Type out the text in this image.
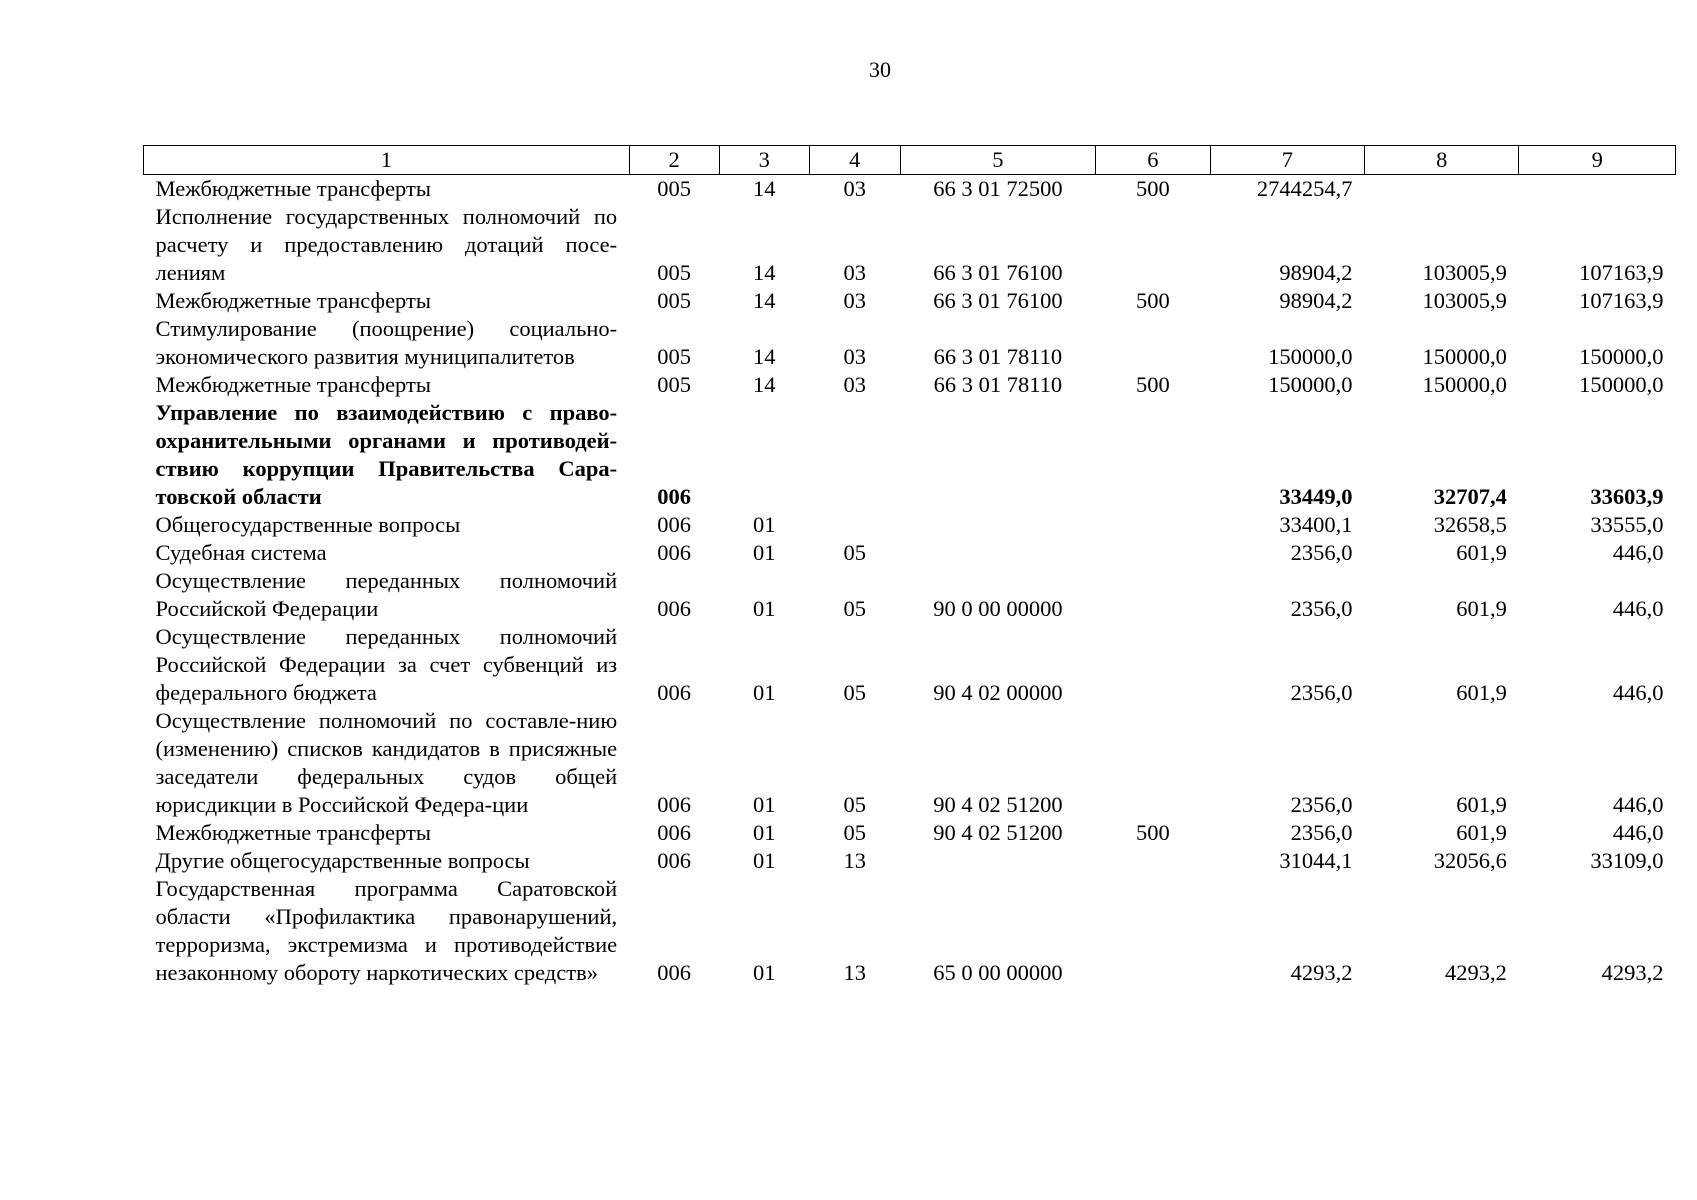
30
1	2	3	4	5	6	7	8	9

Межбюджетные трансферты	005	14	03	66 3 01 72500	500	2744254,7		

Исполнение государственных полномочий по расчету и предоставлению дотаций посе-лениям	005	14	03	66 3 01 76100		98904,2	103005,9	107163,9

Межбюджетные трансферты	005	14	03	66 3 01 76100	500	98904,2	103005,9	107163,9

Стимулирование (поощрение) социально-экономического развития муниципалитетов	005	14	03	66 3 01 78110		150000,0	150000,0	150000,0

Межбюджетные трансферты	005	14	03	66 3 01 78110	500	150000,0	150000,0	150000,0

Управление по взаимодействию с право-охранительными органами и противодей-ствию коррупции Правительства Сара-товской области	006					33449,0	32707,4	33603,9

Общегосударственные вопросы	006	01				33400,1	32658,5	33555,0

Судебная система	006	01	05			2356,0	601,9	446,0

Осуществление переданных полномочий Российской Федерации	006	01	05	90 0 00 00000		2356,0	601,9	446,0

Осуществление переданных полномочий Российской Федерации за счет субвенций из федерального бюджета	006	01	05	90 4 02 00000		2356,0	601,9	446,0

Осуществление полномочий по составле-нию (изменению) списков кандидатов в присяжные заседатели федеральных судов общей юрисдикции в Российской Федера-ции	006	01	05	90 4 02 51200		2356,0	601,9	446,0

Межбюджетные трансферты	006	01	05	90 4 02 51200	500	2356,0	601,9	446,0

Другие общегосударственные вопросы	006	01	13			31044,1	32056,6	33109,0

Государственная программа Саратовской области «Профилактика правонарушений, терроризма, экстремизма и противодействие незаконному обороту наркотических средств»	006	01	13	65 0 00 00000		4293,2	4293,2	4293,2
